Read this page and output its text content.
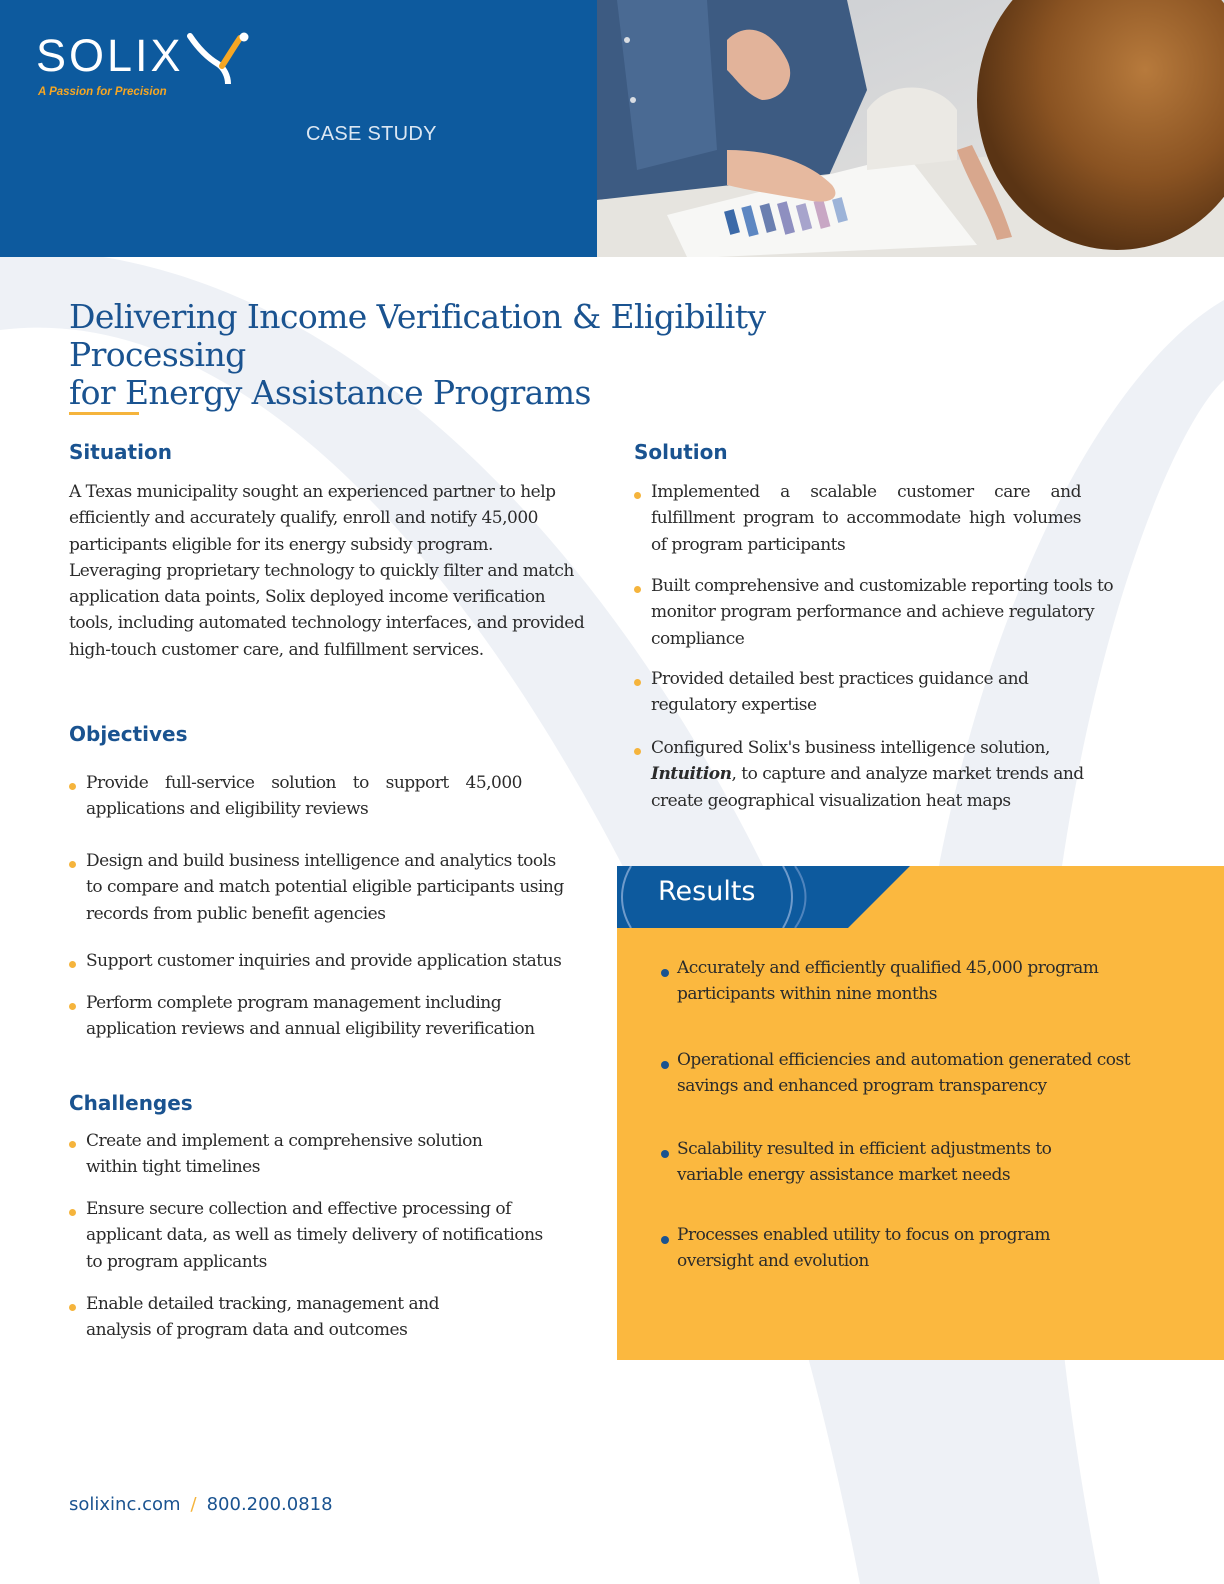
SOLIX
A Passion for Precision
CASE STUDY
Delivering Income Verification & Eligibility Processing
for Energy Assistance Programs
Situation
A Texas municipality sought an experienced partner to help efficiently and accurately qualify, enroll and notify 45,000 participants eligible for its energy subsidy program. Leveraging proprietary technology to quickly filter and match application data points, Solix deployed income verification tools, including automated technology interfaces, and provided high-touch customer care, and fulfillment services.
Objectives
Provide full-service solution to support 45,000 applications and eligibility reviews
Design and build business intelligence and analytics tools to compare and match potential eligible participants using records from public benefit agencies
Support customer inquiries and provide application status
Perform complete program management including application reviews and annual eligibility reverification
Challenges
Create and implement a comprehensive solution within tight timelines
Ensure secure collection and effective processing of applicant data, as well as timely delivery of notifications to program applicants
Enable detailed tracking, management and analysis of program data and outcomes
Solution
Implemented a scalable customer care and fulfillment program to accommodate high volumes of program participants
Built comprehensive and customizable reporting tools to monitor program performance and achieve regulatory compliance
Provided detailed best practices guidance and regulatory expertise
Configured Solix's business intelligence solution, Intuition, to capture and analyze market trends and create geographical visualization heat maps
Results
Accurately and efficiently qualified 45,000 program participants within nine months
Operational efficiencies and automation generated cost savings and enhanced program transparency
Scalability resulted in efficient adjustments to variable energy assistance market needs
Processes enabled utility to focus on program oversight and evolution
solixinc.com / 800.200.0818
